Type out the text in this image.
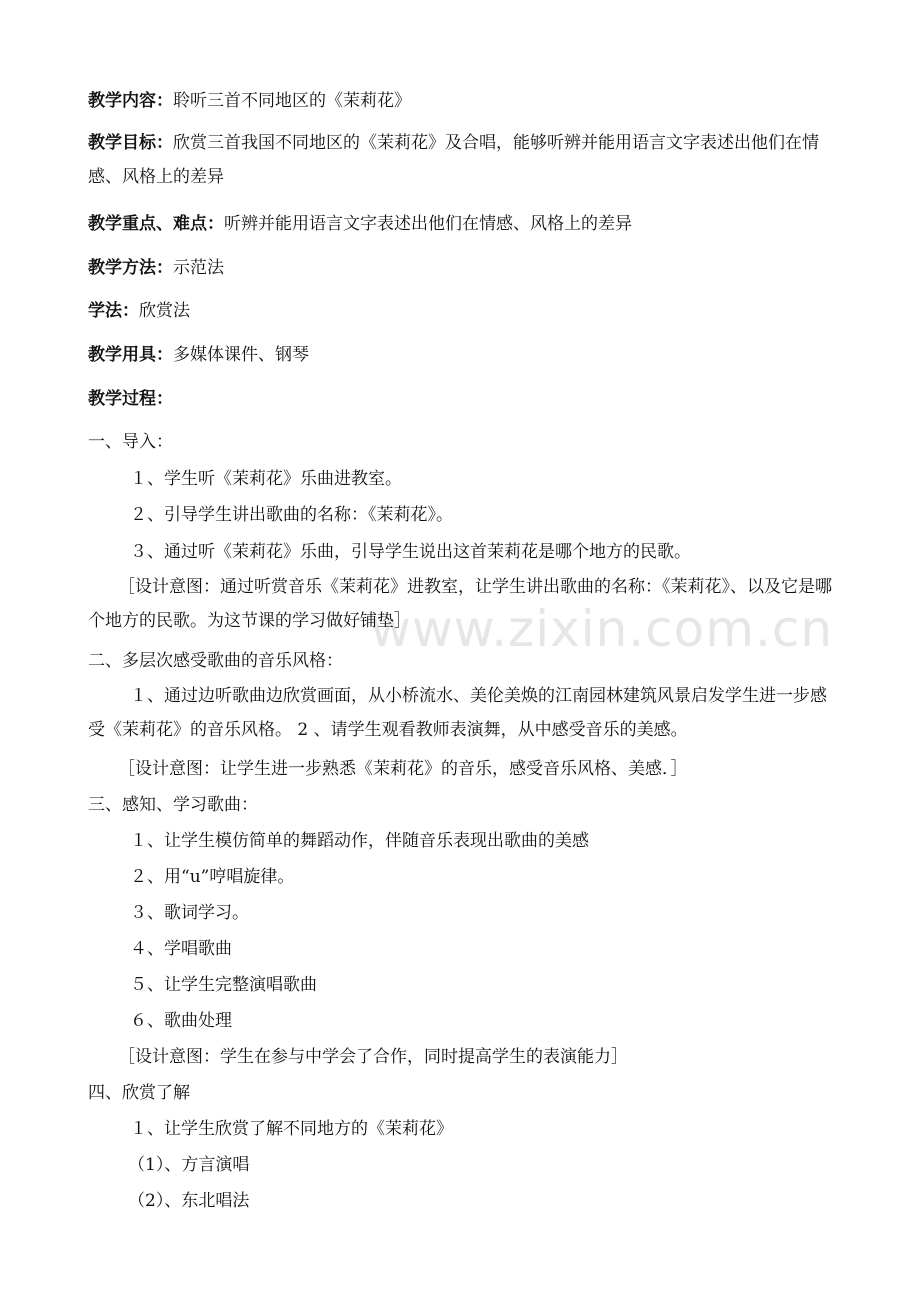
www.zixin.com.cn
教学内容：聆听三首不同地区的《茉莉花》
教学目标：欣赏三首我国不同地区的《茉莉花》及合唱，能够听辨并能用语言文字表述出他们在情感、风格上的差异
教学重点、难点：听辨并能用语言文字表述出他们在情感、风格上的差异
教学方法：示范法
学法：欣赏法
教学用具：多媒体课件、钢琴
教学过程：
一、导入：
１、学生听《茉莉花》乐曲进教室。
２、引导学生讲出歌曲的名称：《茉莉花》。
３、通过听《茉莉花》乐曲，引导学生说出这首茉莉花是哪个地方的民歌。
［设计意图：通过听赏音乐《茉莉花》进教室，让学生讲出歌曲的名称：《茉莉花》、以及它是哪个地方的民歌。为这节课的学习做好铺垫］
二、多层次感受歌曲的音乐风格：
１、通过边听歌曲边欣赏画面，从小桥流水、美伦美焕的江南园林建筑风景启发学生进一步感受《茉莉花》的音乐风格。 2 、请学生观看教师表演舞，从中感受音乐的美感。
［设计意图：让学生进一步熟悉《茉莉花》的音乐，感受音乐风格、美感．］
三、感知、学习歌曲：
１、让学生模仿简单的舞蹈动作，伴随音乐表现出歌曲的美感
２、用“u”哼唱旋律。
３、歌词学习。
４、学唱歌曲
５、让学生完整演唱歌曲
６、歌曲处理
［设计意图：学生在参与中学会了合作，同时提高学生的表演能力］
四、欣赏了解
１、让学生欣赏了解不同地方的《茉莉花》
（1）、方言演唱
（2）、东北唱法
